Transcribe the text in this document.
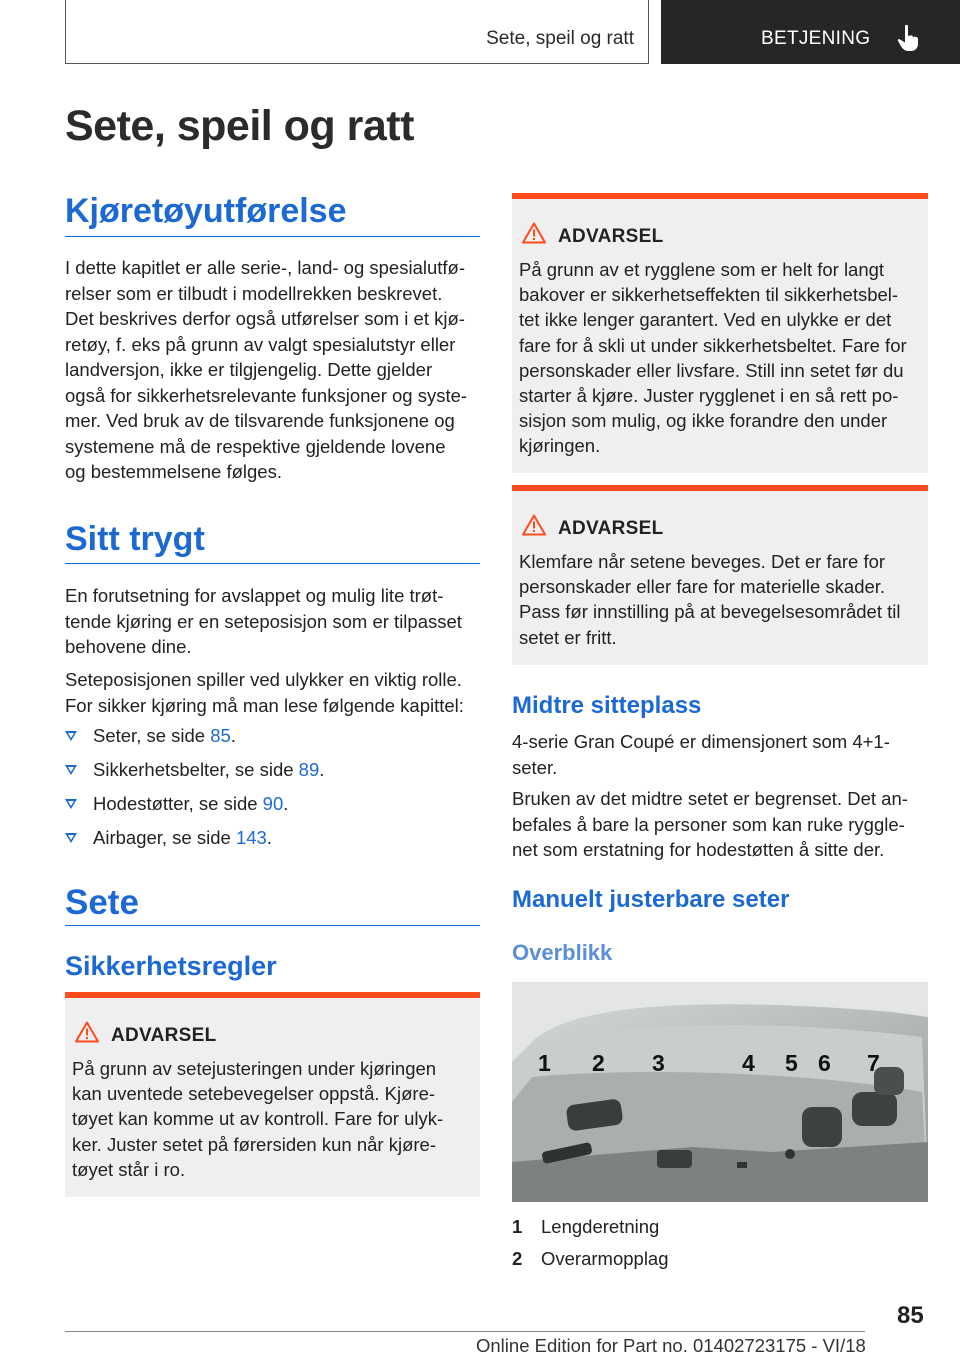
Sete, speil og ratt	BETJENING
Sete, speil og ratt
Kjøretøyutførelse
I dette kapitlet er alle serie-, land- og spesialutfø-
relser som er tilbudt i modellrekken beskrevet.
Det beskrives derfor også utførelser som i et kjø-
retøy, f. eks på grunn av valgt spesialutstyr eller
landversjon, ikke er tilgjengelig. Dette gjelder
også for sikkerhetsrelevante funksjoner og syste-
mer. Ved bruk av de tilsvarende funksjonene og
systemene må de respektive gjeldende lovene
og bestemmelsene følges.
Sitt trygt
En forutsetning for avslappet og mulig lite trøt-
tende kjøring er en seteposisjon som er tilpasset
behovene dine.
Seteposisjonen spiller ved ulykker en viktig rolle.
For sikker kjøring må man lese følgende kapittel:
Seter, se side 85.
Sikkerhetsbelter, se side 89.
Hodestøtter, se side 90.
Airbager, se side 143.
Sete
Sikkerhetsregler
ADVARSEL
På grunn av setejusteringen under kjøringen
kan uventede setebevegelser oppstå. Kjøre-
tøyet kan komme ut av kontroll. Fare for ulyk-
ker. Juster setet på førersiden kun når kjøre-
tøyet står i ro.
ADVARSEL
På grunn av et rygglene som er helt for langt
bakover er sikkerhetseffekten til sikkerhetsbel-
tet ikke lenger garantert. Ved en ulykke er det
fare for å skli ut under sikkerhetsbeltet. Fare for
personskader eller livsfare. Still inn setet før du
starter å kjøre. Juster rygglenet i en så rett po-
sisjon som mulig, og ikke forandre den under
kjøringen.
ADVARSEL
Klemfare når setene beveges. Det er fare for
personskader eller fare for materielle skader.
Pass før innstilling på at bevegelsesområdet til
setet er fritt.
Midtre sitteplass
4-serie Gran Coupé er dimensjonert som 4+1-
seter.
Bruken av det midtre setet er begrenset. Det an-
befales å bare la personer som kan ruke ryggle-
net som erstatning for hodestøtten å sitte der.
Manuelt justerbare seter
Overblikk
1 2 3	4 5 6 7
1 Lengderetning
2 Overarmopplag
85
Online Edition for Part no. 01402723175 - VI/18
